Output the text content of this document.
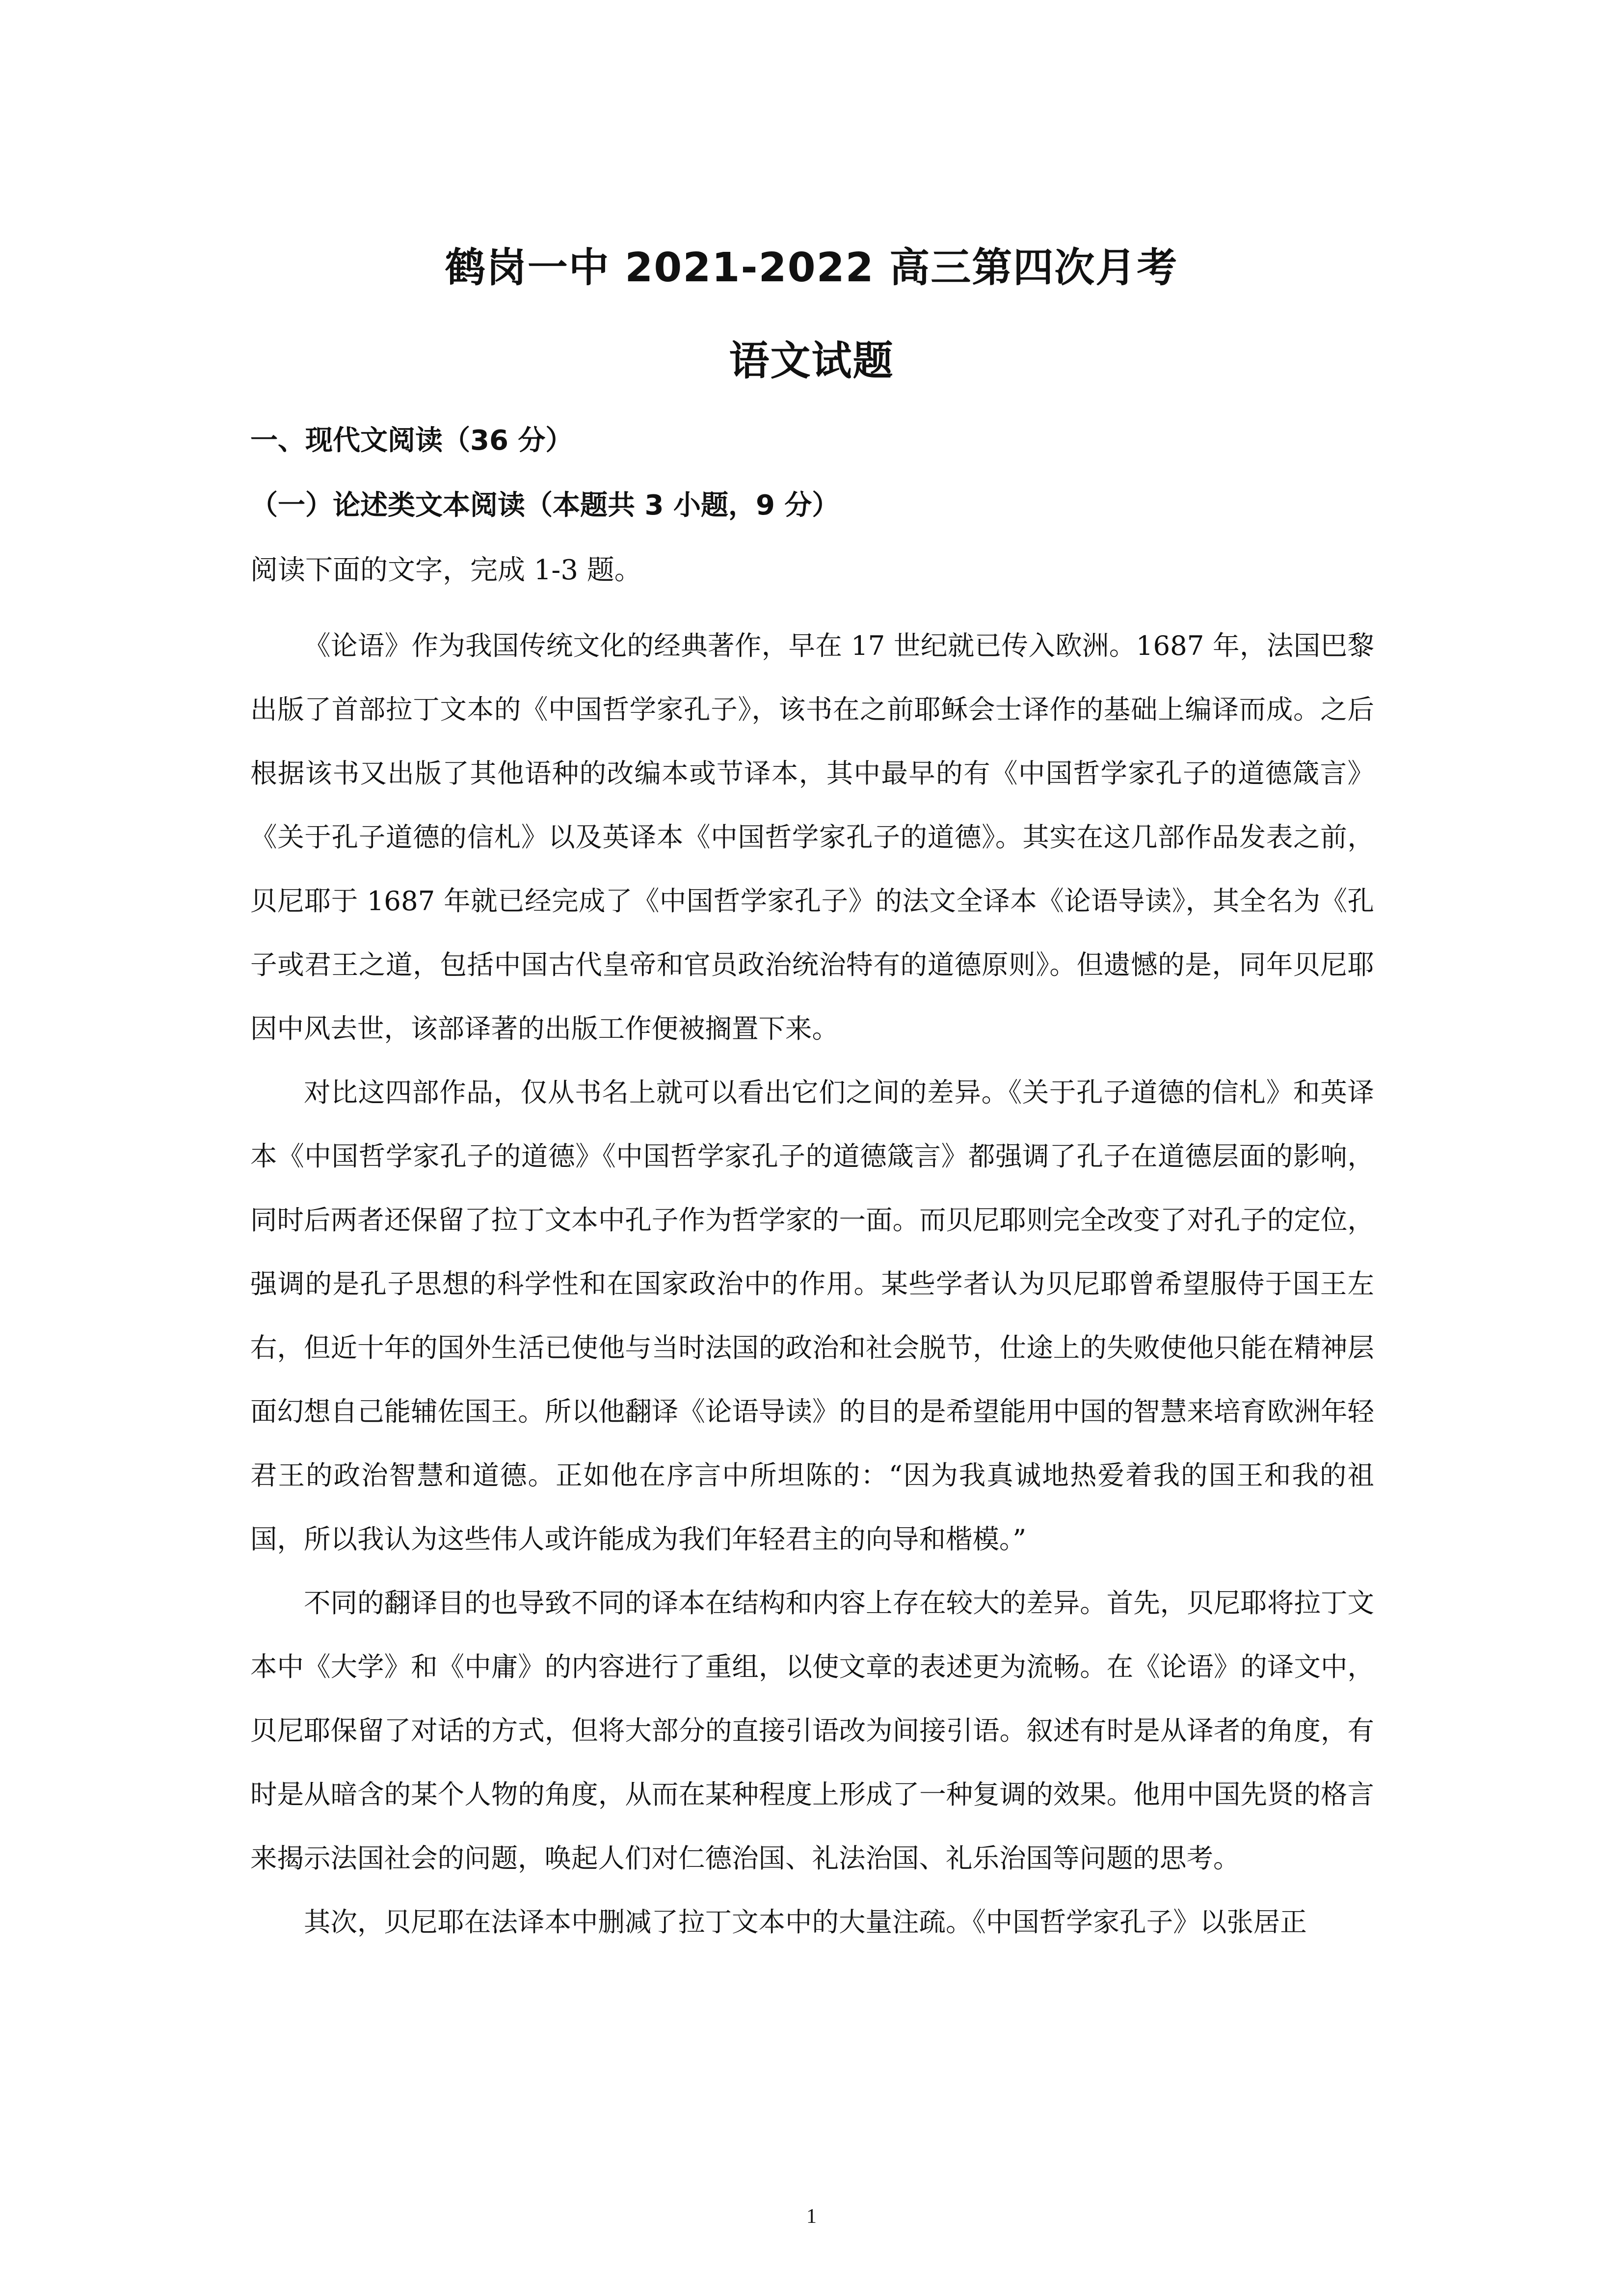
鹤岗一中 2021-2022 高三第四次月考
语文试题
一、现代文阅读（36 分）
（一）论述类文本阅读（本题共 3 小题，9 分）
阅读下面的文字，完成 1-3 题。

《论语》作为我国传统文化的经典著作，早在 17 世纪就已传入欧洲。1687 年，法国巴黎出版了首部拉丁文本的《中国哲学家孔子》，该书在之前耶稣会士译作的基础上编译而成。之后根据该书又出版了其他语种的改编本或节译本，其中最早的有《中国哲学家孔子的道德箴言》《关于孔子道德的信札》以及英译本《中国哲学家孔子的道德》。其实在这几部作品发表之前，贝尼耶于 1687 年就已经完成了《中国哲学家孔子》的法文全译本《论语导读》，其全名为《孔子或君王之道，包括中国古代皇帝和官员政治统治特有的道德原则》。但遗憾的是，同年贝尼耶因中风去世，该部译著的出版工作便被搁置下来。

对比这四部作品，仅从书名上就可以看出它们之间的差异。《关于孔子道德的信札》和英译本《中国哲学家孔子的道德》《中国哲学家孔子的道德箴言》都强调了孔子在道德层面的影响，同时后两者还保留了拉丁文本中孔子作为哲学家的一面。而贝尼耶则完全改变了对孔子的定位，强调的是孔子思想的科学性和在国家政治中的作用。某些学者认为贝尼耶曾希望服侍于国王左右，但近十年的国外生活已使他与当时法国的政治和社会脱节，仕途上的失败使他只能在精神层面幻想自己能辅佐国王。所以他翻译《论语导读》的目的是希望能用中国的智慧来培育欧洲年轻君王的政治智慧和道德。正如他在序言中所坦陈的：“因为我真诚地热爱着我的国王和我的祖国，所以我认为这些伟人或许能成为我们年轻君主的向导和楷模。”

不同的翻译目的也导致不同的译本在结构和内容上存在较大的差异。首先，贝尼耶将拉丁文本中《大学》和《中庸》的内容进行了重组，以使文章的表述更为流畅。在《论语》的译文中，贝尼耶保留了对话的方式，但将大部分的直接引语改为间接引语。叙述有时是从译者的角度，有时是从暗含的某个人物的角度，从而在某种程度上形成了一种复调的效果。他用中国先贤的格言来揭示法国社会的问题，唤起人们对仁德治国、礼法治国、礼乐治国等问题的思考。

其次，贝尼耶在法译本中删减了拉丁文本中的大量注疏。《中国哲学家孔子》以张居正

1
